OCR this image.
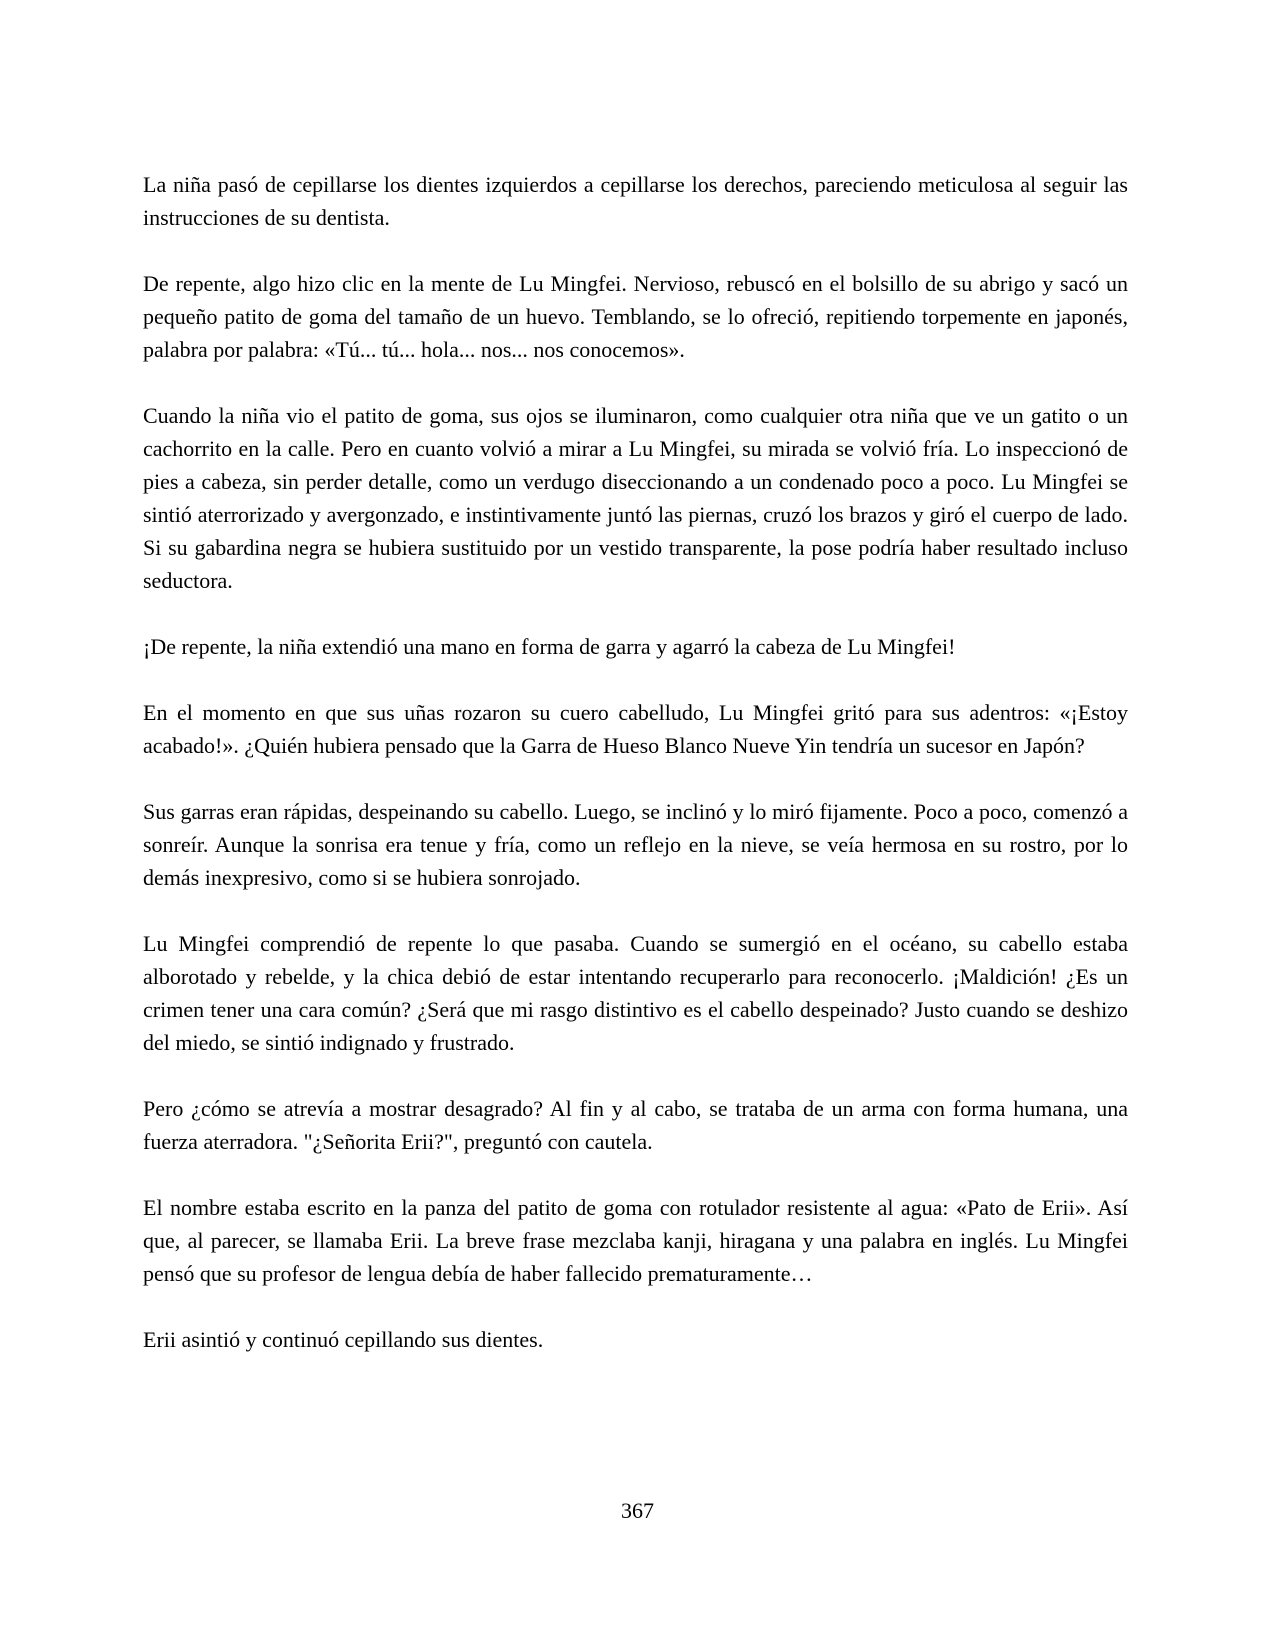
La niña pasó de cepillarse los dientes izquierdos a cepillarse los derechos, pareciendo meticulosa al seguir las instrucciones de su dentista.

De repente, algo hizo clic en la mente de Lu Mingfei. Nervioso, rebuscó en el bolsillo de su abrigo y sacó un pequeño patito de goma del tamaño de un huevo. Temblando, se lo ofreció, repitiendo torpemente en japonés, palabra por palabra: «Tú... tú... hola... nos... nos conocemos».

Cuando la niña vio el patito de goma, sus ojos se iluminaron, como cualquier otra niña que ve un gatito o un cachorrito en la calle. Pero en cuanto volvió a mirar a Lu Mingfei, su mirada se volvió fría. Lo inspeccionó de pies a cabeza, sin perder detalle, como un verdugo diseccionando a un condenado poco a poco. Lu Mingfei se sintió aterrorizado y avergonzado, e instintivamente juntó las piernas, cruzó los brazos y giró el cuerpo de lado. Si su gabardina negra se hubiera sustituido por un vestido transparente, la pose podría haber resultado incluso seductora.

¡De repente, la niña extendió una mano en forma de garra y agarró la cabeza de Lu Mingfei!

En el momento en que sus uñas rozaron su cuero cabelludo, Lu Mingfei gritó para sus adentros: «¡Estoy acabado!». ¿Quién hubiera pensado que la Garra de Hueso Blanco Nueve Yin tendría un sucesor en Japón?

Sus garras eran rápidas, despeinando su cabello. Luego, se inclinó y lo miró fijamente. Poco a poco, comenzó a sonreír. Aunque la sonrisa era tenue y fría, como un reflejo en la nieve, se veía hermosa en su rostro, por lo demás inexpresivo, como si se hubiera sonrojado.

Lu Mingfei comprendió de repente lo que pasaba. Cuando se sumergió en el océano, su cabello estaba alborotado y rebelde, y la chica debió de estar intentando recuperarlo para reconocerlo. ¡Maldición! ¿Es un crimen tener una cara común? ¿Será que mi rasgo distintivo es el cabello despeinado? Justo cuando se deshizo del miedo, se sintió indignado y frustrado.

Pero ¿cómo se atrevía a mostrar desagrado? Al fin y al cabo, se trataba de un arma con forma humana, una fuerza aterradora. "¿Señorita Erii?", preguntó con cautela.

El nombre estaba escrito en la panza del patito de goma con rotulador resistente al agua: «Pato de Erii». Así que, al parecer, se llamaba Erii. La breve frase mezclaba kanji, hiragana y una palabra en inglés. Lu Mingfei pensó que su profesor de lengua debía de haber fallecido prematuramente…

Erii asintió y continuó cepillando sus dientes.

367
